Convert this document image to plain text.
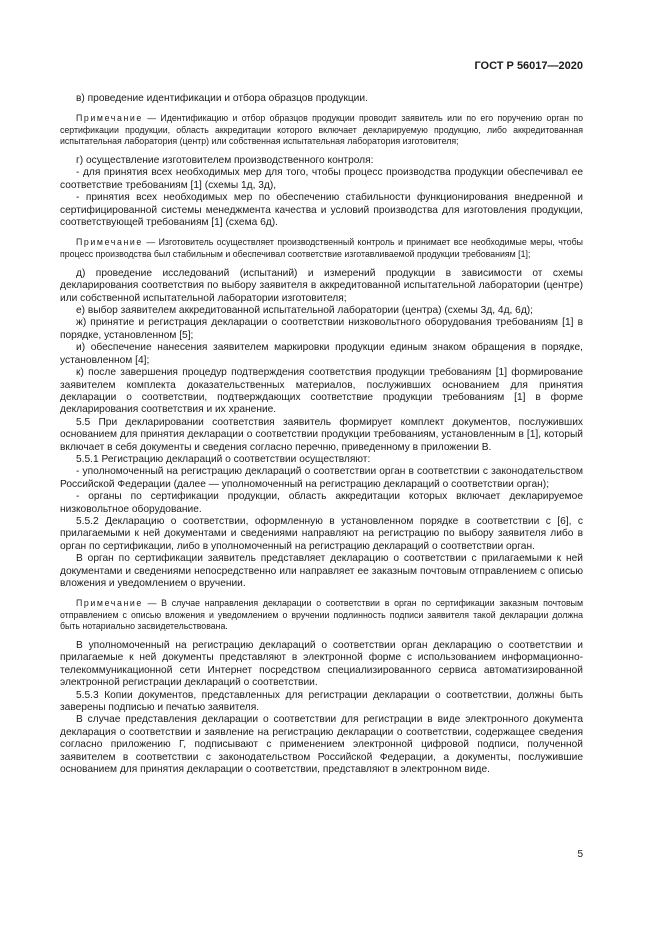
ГОСТ Р 56017—2020

в) проведение идентификации и отбора образцов продукции.

Примечание — Идентификацию и отбор образцов продукции проводит заявитель или по его поручению орган по сертификации продукции, область аккредитации которого включает декларируемую продукцию, либо аккредитованная испытательная лаборатория (центр) или собственная испытательная лаборатория изготовителя;

г) осуществление изготовителем производственного контроля:

- для принятия всех необходимых мер для того, чтобы процесс производства продукции обеспечивал ее соответствие требованиям [1] (схемы 1д, 3д),

- принятия всех необходимых мер по обеспечению стабильности функционирования внедренной и сертифицированной системы менеджмента качества и условий производства для изготовления продукции, соответствующей требованиям [1] (схема 6д).

Примечание — Изготовитель осуществляет производственный контроль и принимает все необходимые меры, чтобы процесс производства был стабильным и обеспечивал соответствие изготавливаемой продукции требованиям [1];

д) проведение исследований (испытаний) и измерений продукции в зависимости от схемы декларирования соответствия по выбору заявителя в аккредитованной испытательной лаборатории (центре) или собственной испытательной лаборатории изготовителя;

е) выбор заявителем аккредитованной испытательной лаборатории (центра) (схемы 3д, 4д, 6д);

ж) принятие и регистрация декларации о соответствии низковольтного оборудования требованиям [1] в порядке, установленном [5];

и) обеспечение нанесения заявителем маркировки продукции единым знаком обращения в порядке, установленном [4];

к) после завершения процедур подтверждения соответствия продукции требованиям [1] формирование заявителем комплекта доказательственных материалов, послуживших основанием для принятия декларации о соответствии, подтверждающих соответствие продукции требованиям [1] в форме декларирования соответствия и их хранение.

5.5 При декларировании соответствия заявитель формирует комплект документов, послуживших основанием для принятия декларации о соответствии продукции требованиям, установленным в [1], который включает в себя документы и сведения согласно перечню, приведенному в приложении В.

5.5.1 Регистрацию деклараций о соответствии осуществляют:

- уполномоченный на регистрацию деклараций о соответствии орган в соответствии с законодательством Российской Федерации (далее — уполномоченный на регистрацию деклараций о соответствии орган);

- органы по сертификации продукции, область аккредитации которых включает декларируемое низковольтное оборудование.

5.5.2 Декларацию о соответствии, оформленную в установленном порядке в соответствии с [6], с прилагаемыми к ней документами и сведениями направляют на регистрацию по выбору заявителя либо в орган по сертификации, либо в уполномоченный на регистрацию деклараций о соответствии орган.

В орган по сертификации заявитель представляет декларацию о соответствии с прилагаемыми к ней документами и сведениями непосредственно или направляет ее заказным почтовым отправлением с описью вложения и уведомлением о вручении.

Примечание — В случае направления декларации о соответствии в орган по сертификации заказным почтовым отправлением с описью вложения и уведомлением о вручении подлинность подписи заявителя такой декларации должна быть нотариально засвидетельствована.

В уполномоченный на регистрацию деклараций о соответствии орган декларацию о соответствии и прилагаемые к ней документы представляют в электронной форме с использованием информационно-телекоммуникационной сети Интернет посредством специализированного сервиса автоматизированной электронной регистрации деклараций о соответствии.

5.5.3 Копии документов, представленных для регистрации декларации о соответствии, должны быть заверены подписью и печатью заявителя.

В случае представления декларации о соответствии для регистрации в виде электронного документа декларация о соответствии и заявление на регистрацию декларации о соответствии, содержащее сведения согласно приложению Г, подписывают с применением электронной цифровой подписи, полученной заявителем в соответствии с законодательством Российской Федерации, а документы, послужившие основанием для принятия декларации о соответствии, представляют в электронном виде.

5
